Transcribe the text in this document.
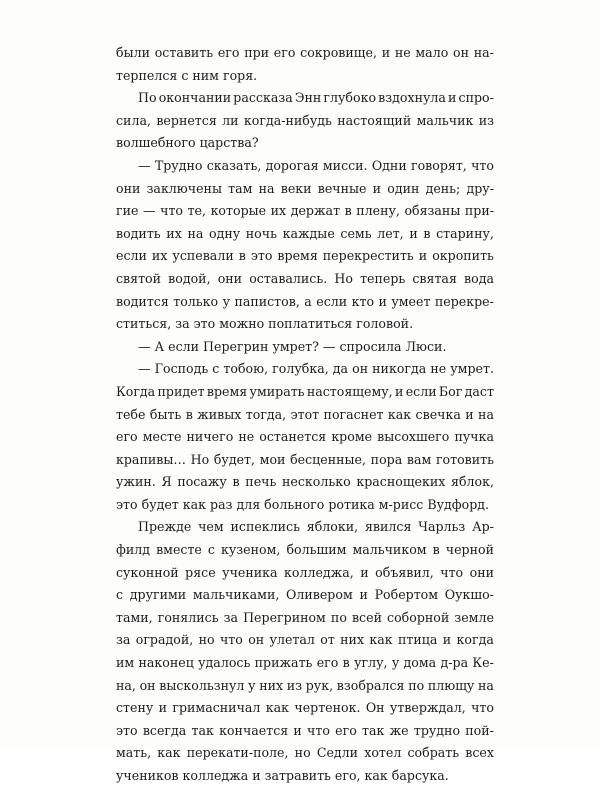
были оставить его при его сокровище, и не мало он на-
терпелся с ним горя.
По окончании рассказа Энн глубоко вздохнула и спро-
сила, вернется ли когда-нибудь настоящий мальчик из
волшебного царства?
— Трудно сказать, дорогая мисси. Одни говорят, что
они заключены там на веки вечные и один день; дру-
гие — что те, которые их держат в плену, обязаны при-
водить их на одну ночь каждые семь лет, и в старину,
если их успевали в это время перекрестить и окропить
святой водой, они оставались. Но теперь святая вода
водится только у папистов, а если кто и умеет перекре-
ститься, за это можно поплатиться головой.
— А если Перегрин умрет? — спросила Люси.
— Господь с тобою, голубка, да он никогда не умрет.
Когда придет время умирать настоящему, и если Бог даст
тебе быть в живых тогда, этот погаснет как свечка и на
его месте ничего не останется кроме высохшего пучка
крапивы… Но будет, мои бесценные, пора вам готовить
ужин. Я посажу в печь несколько краснощеких яблок,
это будет как раз для больного ротика м-рисс Вудфорд.
Прежде чем испеклись яблоки, явился Чарльз Ар-
филд вместе с кузеном, большим мальчиком в черной
суконной рясе ученика колледжа, и объявил, что они
с другими мальчиками, Оливером и Робертом Оукшо-
тами, гонялись за Перегрином по всей соборной земле
за оградой, но что он улетал от них как птица и когда
им наконец удалось прижать его в углу, у дома д-ра Ке-
на, он выскользнул у них из рук, взобрался по плющу на
стену и гримасничал как чертенок. Он утверждал, что
это всегда так кончается и что его так же трудно пой-
мать, как перекати-поле, но Седли хотел собрать всех
учеников колледжа и затравить его, как барсука.
